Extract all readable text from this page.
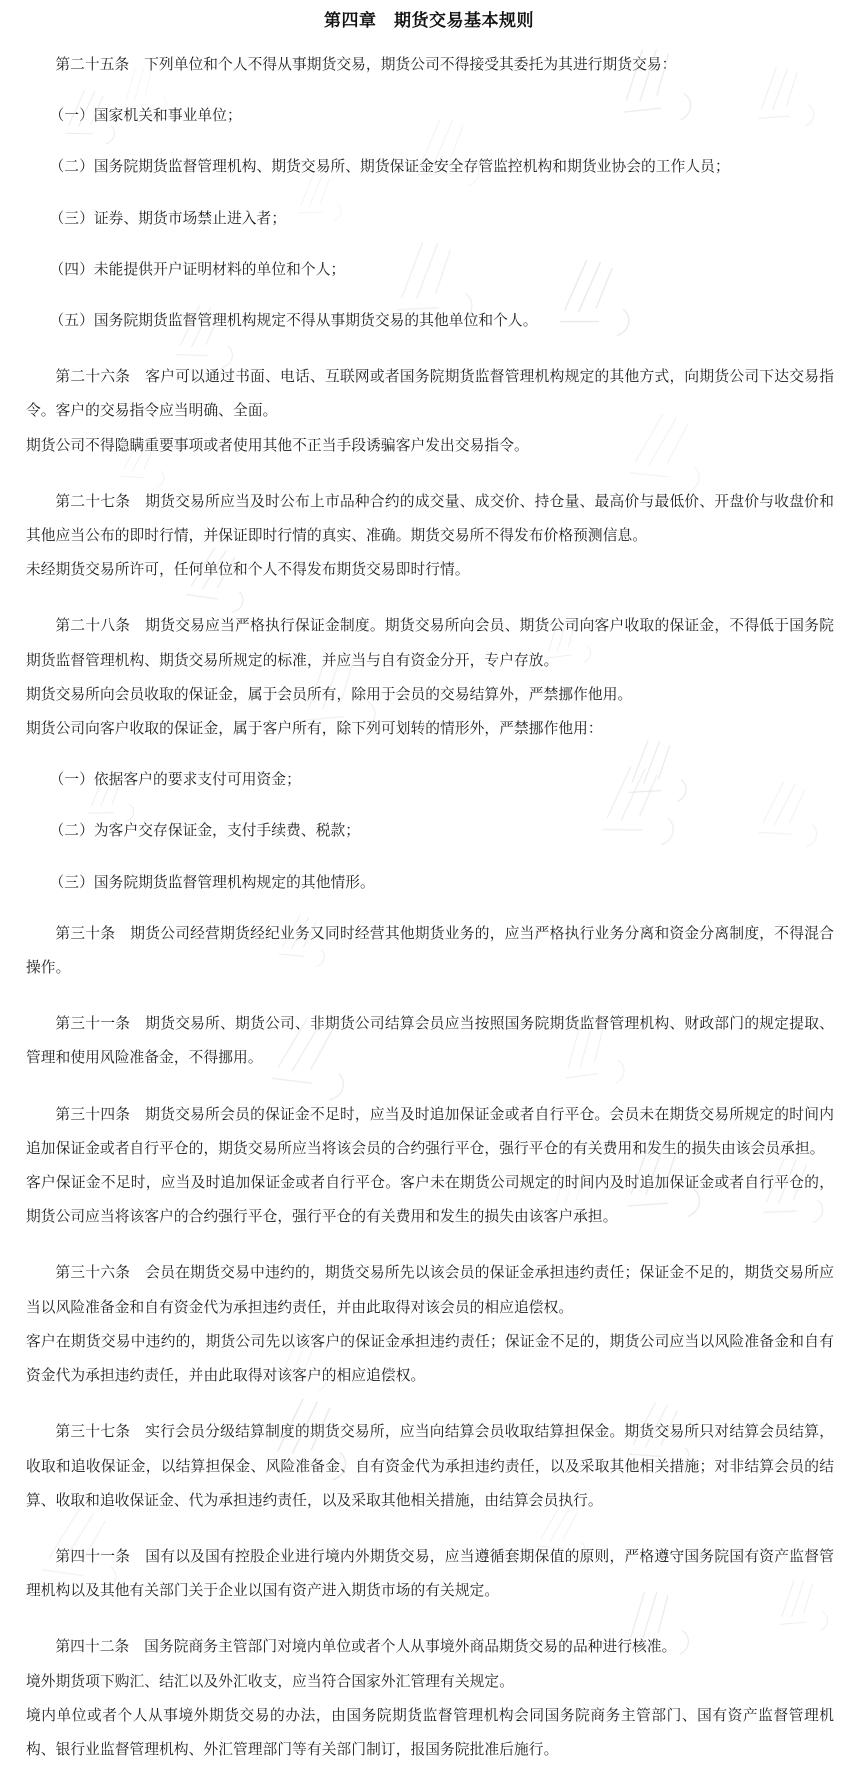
第四章　期货交易基本规则

第二十五条　下列单位和个人不得从事期货交易，期货公司不得接受其委托为其进行期货交易：

（一）国家机关和事业单位；

（二）国务院期货监督管理机构、期货交易所、期货保证金安全存管监控机构和期货业协会的工作人员；

（三）证券、期货市场禁止进入者；

（四）未能提供开户证明材料的单位和个人；

（五）国务院期货监督管理机构规定不得从事期货交易的其他单位和个人。

第二十六条　客户可以通过书面、电话、互联网或者国务院期货监督管理机构规定的其他方式，向期货公司下达交易指令。客户的交易指令应当明确、全面。

期货公司不得隐瞒重要事项或者使用其他不正当手段诱骗客户发出交易指令。

第二十七条　期货交易所应当及时公布上市品种合约的成交量、成交价、持仓量、最高价与最低价、开盘价与收盘价和其他应当公布的即时行情，并保证即时行情的真实、准确。期货交易所不得发布价格预测信息。

未经期货交易所许可，任何单位和个人不得发布期货交易即时行情。

第二十八条　期货交易应当严格执行保证金制度。期货交易所向会员、期货公司向客户收取的保证金，不得低于国务院期货监督管理机构、期货交易所规定的标准，并应当与自有资金分开，专户存放。

期货交易所向会员收取的保证金，属于会员所有，除用于会员的交易结算外，严禁挪作他用。

期货公司向客户收取的保证金，属于客户所有，除下列可划转的情形外，严禁挪作他用：

（一）依据客户的要求支付可用资金；

（二）为客户交存保证金，支付手续费、税款；

（三）国务院期货监督管理机构规定的其他情形。

第三十条　期货公司经营期货经纪业务又同时经营其他期货业务的，应当严格执行业务分离和资金分离制度，不得混合操作。

第三十一条　期货交易所、期货公司、非期货公司结算会员应当按照国务院期货监督管理机构、财政部门的规定提取、管理和使用风险准备金，不得挪用。

第三十四条　期货交易所会员的保证金不足时，应当及时追加保证金或者自行平仓。会员未在期货交易所规定的时间内追加保证金或者自行平仓的，期货交易所应当将该会员的合约强行平仓，强行平仓的有关费用和发生的损失由该会员承担。

客户保证金不足时，应当及时追加保证金或者自行平仓。客户未在期货公司规定的时间内及时追加保证金或者自行平仓的，期货公司应当将该客户的合约强行平仓，强行平仓的有关费用和发生的损失由该客户承担。

第三十六条　会员在期货交易中违约的，期货交易所先以该会员的保证金承担违约责任；保证金不足的，期货交易所应当以风险准备金和自有资金代为承担违约责任，并由此取得对该会员的相应追偿权。

客户在期货交易中违约的，期货公司先以该客户的保证金承担违约责任；保证金不足的，期货公司应当以风险准备金和自有资金代为承担违约责任，并由此取得对该客户的相应追偿权。

第三十七条　实行会员分级结算制度的期货交易所，应当向结算会员收取结算担保金。期货交易所只对结算会员结算，收取和追收保证金，以结算担保金、风险准备金、自有资金代为承担违约责任，以及采取其他相关措施；对非结算会员的结算、收取和追收保证金、代为承担违约责任，以及采取其他相关措施，由结算会员执行。

第四十一条　国有以及国有控股企业进行境内外期货交易，应当遵循套期保值的原则，严格遵守国务院国有资产监督管理机构以及其他有关部门关于企业以国有资产进入期货市场的有关规定。

第四十二条　国务院商务主管部门对境内单位或者个人从事境外商品期货交易的品种进行核准。

境外期货项下购汇、结汇以及外汇收支，应当符合国家外汇管理有关规定。

境内单位或者个人从事境外期货交易的办法，由国务院期货监督管理机构会同国务院商务主管部门、国有资产监督管理机构、银行业监督管理机构、外汇管理部门等有关部门制订，报国务院批准后施行。
